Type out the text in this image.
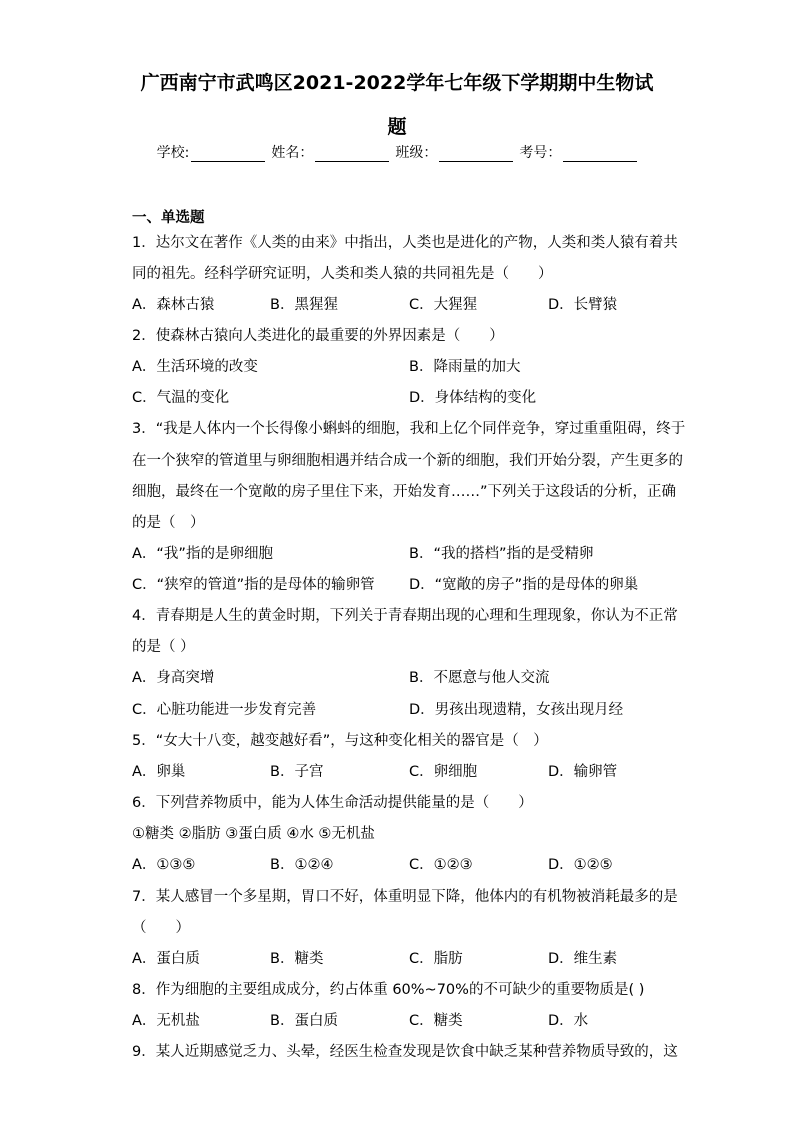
广西南宁市武鸣区2021-2022学年七年级下学期期中生物试
题
学校:	姓名：	班级：	考号：
一、单选题
1．达尔文在著作《人类的由来》中指出，人类也是进化的产物，人类和类人猿有着共
同的祖先。经科学研究证明，人类和类人猿的共同祖先是（　　）
A．森林古猿	B．黑猩猩	C．大猩猩	D．长臂猿
2．使森林古猿向人类进化的最重要的外界因素是（　　）
A．生活环境的改变	B．降雨量的加大
C．气温的变化	D．身体结构的变化
3．“我是人体内一个长得像小蝌蚪的细胞，我和上亿个同伴竞争，穿过重重阻碍，终于
在一个狭窄的管道里与卵细胞相遇并结合成一个新的细胞，我们开始分裂，产生更多的
细胞，最终在一个宽敞的房子里住下来，开始发育……”下列关于这段话的分析，正确
的是（　）
A．“我”指的是卵细胞	B．“我的搭档”指的是受精卵
C．“狭窄的管道”指的是母体的输卵管 D．“宽敞的房子”指的是母体的卵巢
4．青春期是人生的黄金时期，下列关于青春期出现的心理和生理现象，你认为不正常
的是（ ）
A．身高突增	B．不愿意与他人交流
C．心脏功能进一步发育完善	D．男孩出现遗精，女孩出现月经
5．“女大十八变，越变越好看”，与这种变化相关的器官是（　）
A．卵巢	B．子宫	C．卵细胞	D．输卵管
6．下列营养物质中，能为人体生命活动提供能量的是（　　）
①糖类 ②脂肪 ③蛋白质 ④水 ⑤无机盐
A．①③⑤	B．①②④	C．①②③	D．①②⑤
7．某人感冒一个多星期，胃口不好，体重明显下降，他体内的有机物被消耗最多的是
（　　）
A．蛋白质	B．糖类	C．脂肪	D．维生素
8．作为细胞的主要组成成分，约占体重 60%~70%的不可缺少的重要物质是( )
A．无机盐	B．蛋白质	C．糖类	D．水
9．某人近期感觉乏力、头晕，经医生检查发现是饮食中缺乏某种营养物质导致的，这
